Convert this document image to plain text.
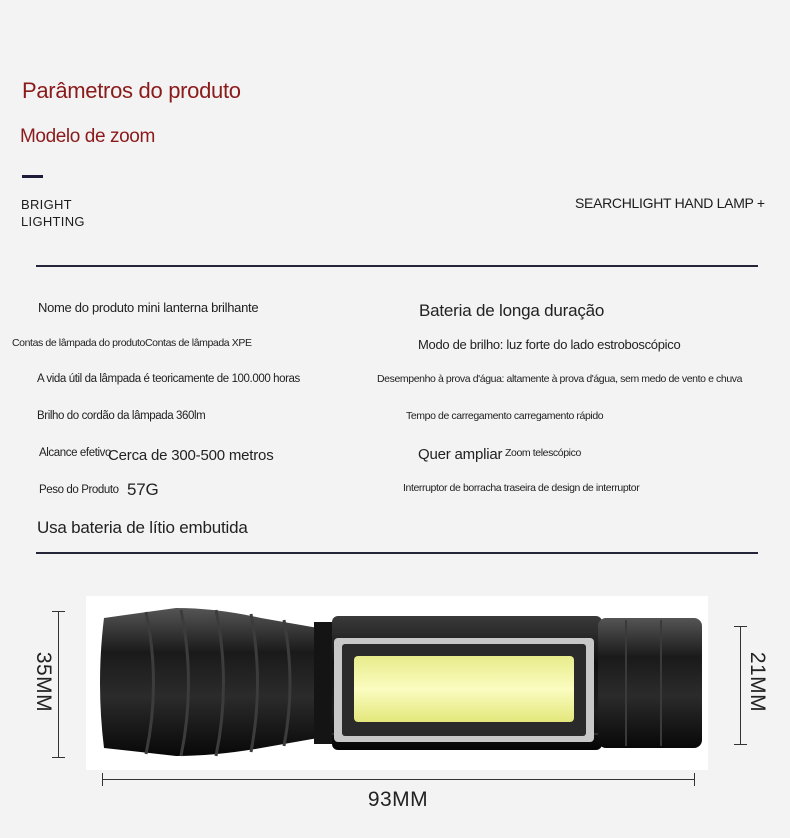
Parâmetros do produto
Modelo de zoom
BRIGHT
LIGHTING
SEARCHLIGHT HAND LAMP +
Nome do produto mini lanterna brilhante
Contas de lâmpada do produtoContas de lâmpada XPE
A vida útil da lâmpada é teoricamente de 100.000 horas
Brilho do cordão da lâmpada 360lm
Alcance efetivo
Cerca de 300-500 metros
Peso do Produto 57G
Usa bateria de lítio embutida
Bateria de longa duração
Modo de brilho: luz forte do lado estroboscópico
Desempenho à prova d'água: altamente à prova d'água, sem medo de vento e chuva
Tempo de carregamento carregamento rápido
Quer ampliar Zoom telescópico
Interruptor de borracha traseira de design de interruptor
35MM	21MM
93MM
